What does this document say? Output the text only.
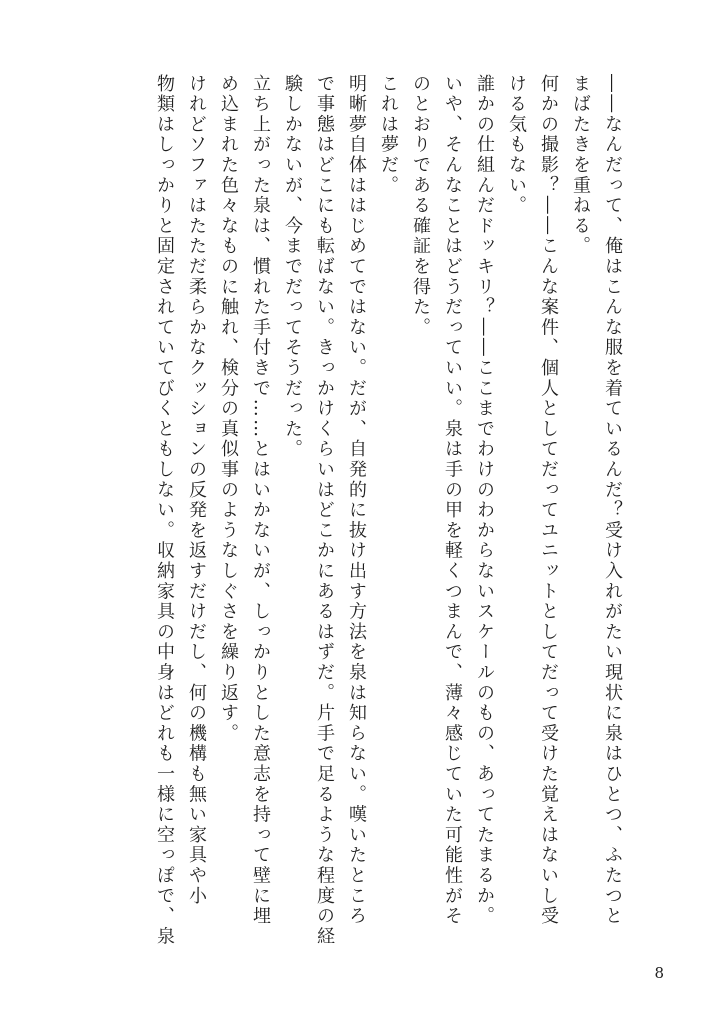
――なんだって、俺はこんな服を着ているんだ？受け入れがたい現状に泉はひとつ、ふたつと
まばたきを重ねる。
何かの撮影？――こんな案件、個人としてだってユニットとしてだって受けた覚えはないし受
ける気もない。
誰かの仕組んだドッキリ？――ここまでわけのわからないスケールのもの、あってたまるか。
いや、そんなことはどうだっていい。泉は手の甲を軽くつまんで、薄々感じていた可能性がそ
のとおりである確証を得た。
これは夢だ。
明晰夢自体ははじめてではない。だが、自発的に抜け出す方法を泉は知らない。嘆いたところ
で事態はどこにも転ばない。きっかけくらいはどこかにあるはずだ。片手で足るような程度の経
験しかないが、今までだってそうだった。
立ち上がった泉は、慣れた手付きで……とはいかないが、しっかりとした意志を持って壁に埋
め込まれた色々なものに触れ、検分の真似事のようなしぐさを繰り返す。
けれどソファはたただ柔らかなクッションの反発を返すだけだし、何の機構も無い家具や小
物類はしっかりと固定されていてびくともしない。収納家具の中身はどれも一様に空っぽで、泉
8
